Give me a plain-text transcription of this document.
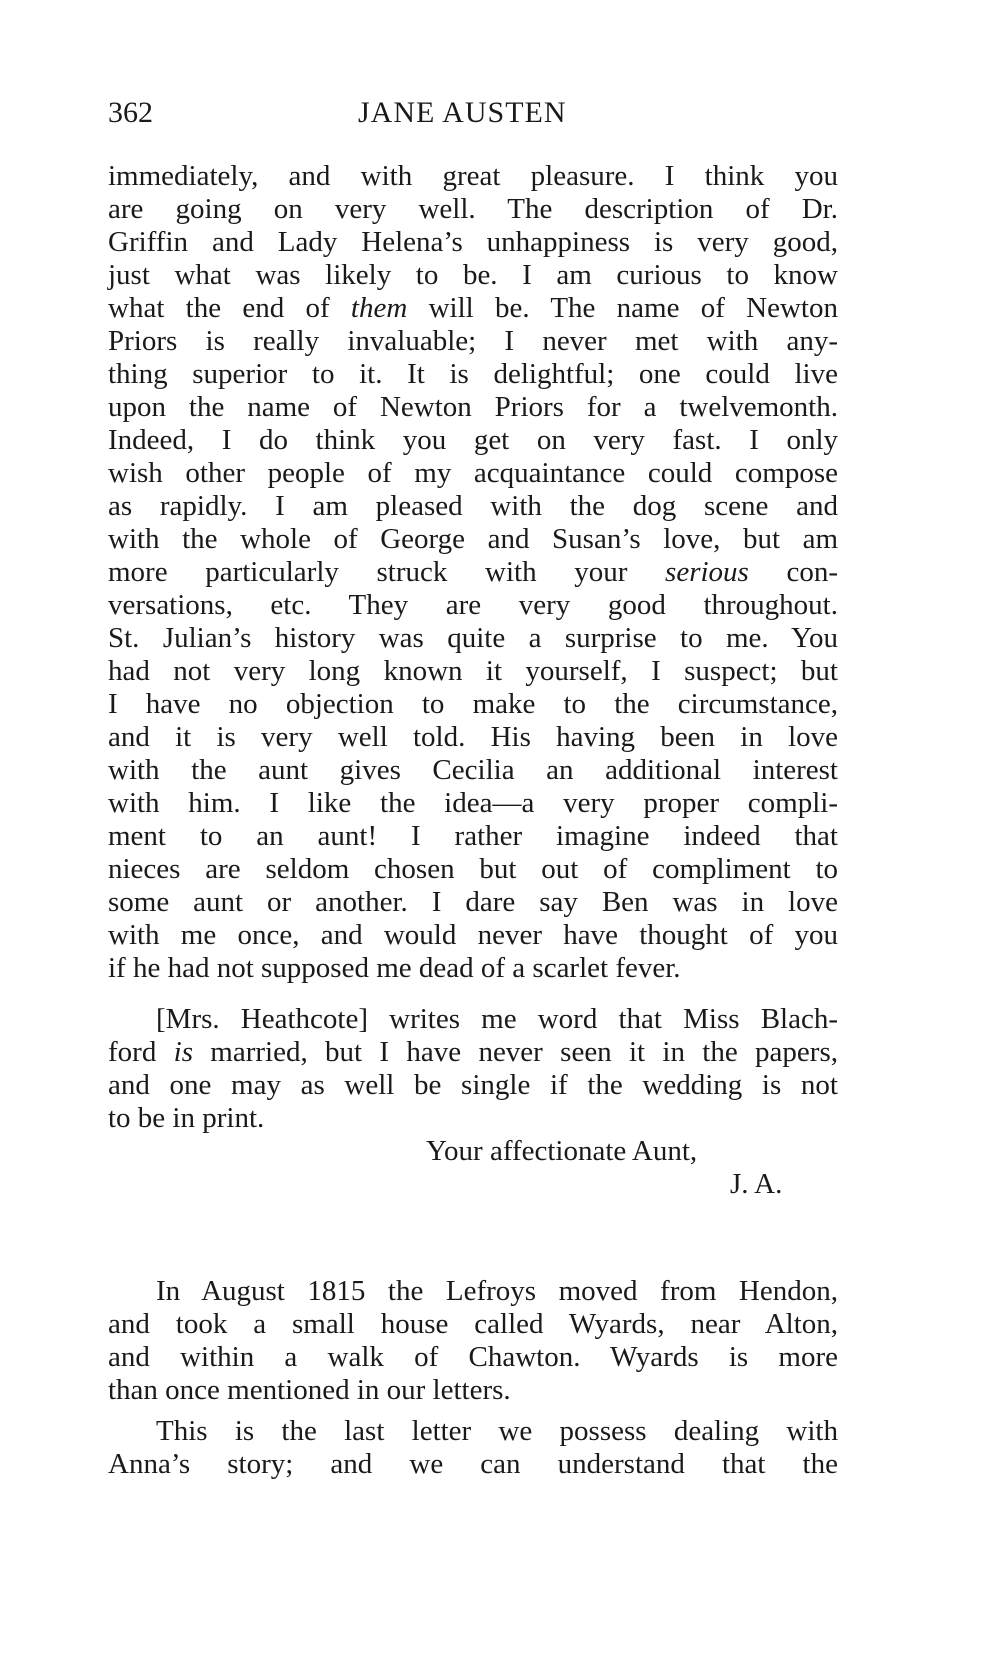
362	JANE AUSTEN
immediately, and with great pleasure. I think you
are going on very well. The description of Dr.
Griffin and Lady Helena’s unhappiness is very good,
just what was likely to be. I am curious to know
what the end of them will be. The name of Newton
Priors is really invaluable; I never met with any-
thing superior to it. It is delightful; one could live
upon the name of Newton Priors for a twelvemonth.
Indeed, I do think you get on very fast. I only
wish other people of my acquaintance could compose
as rapidly. I am pleased with the dog scene and
with the whole of George and Susan’s love, but am
more particularly struck with your serious con-
versations, etc. They are very good throughout.
St. Julian’s history was quite a surprise to me. You
had not very long known it yourself, I suspect; but
I have no objection to make to the circumstance,
and it is very well told. His having been in love
with the aunt gives Cecilia an additional interest
with him. I like the idea—a very proper compli-
ment to an aunt! I rather imagine indeed that
nieces are seldom chosen but out of compliment to
some aunt or another. I dare say Ben was in love
with me once, and would never have thought of you
if he had not supposed me dead of a scarlet fever.
[Mrs. Heathcote] writes me word that Miss Blach-
ford is married, but I have never seen it in the papers,
and one may as well be single if the wedding is not
to be in print.
Your affectionate Aunt,
J. A.
In August 1815 the Lefroys moved from Hendon,
and took a small house called Wyards, near Alton,
and within a walk of Chawton. Wyards is more
than once mentioned in our letters.
This is the last letter we possess dealing with
Anna’s story; and we can understand that the
